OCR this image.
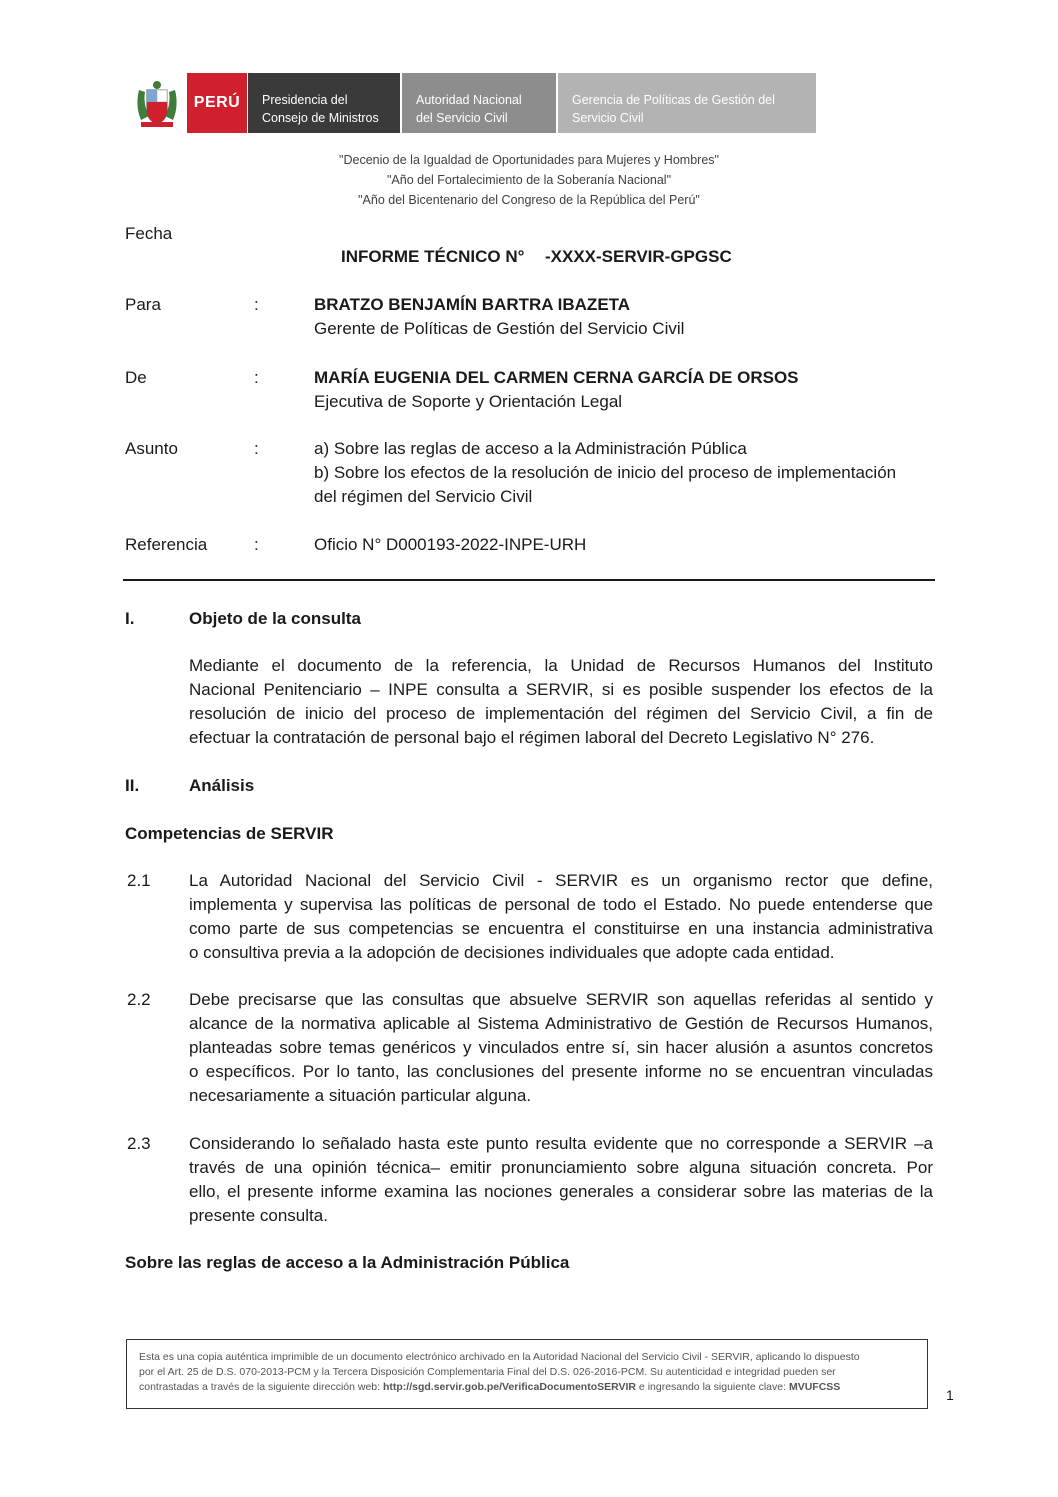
PERÚ Presidencia del
Consejo de Ministros
Autoridad Nacional
del Servicio Civil
Gerencia de Políticas de Gestión del
Servicio Civil
"Decenio de la Igualdad de Oportunidades para Mujeres y Hombres"
"Año del Fortalecimiento de la Soberanía Nacional"
"Año del Bicentenario del Congreso de la República del Perú"
Fecha
INFORME TÉCNICO N° -XXXX-SERVIR-GPGSC
Para	:	BRATZO BENJAMÍN BARTRA IBAZETA
Gerente de Políticas de Gestión del Servicio Civil
De	:	MARÍA EUGENIA DEL CARMEN CERNA GARCÍA DE ORSOS
Ejecutiva de Soporte y Orientación Legal
Asunto	:	a) Sobre las reglas de acceso a la Administración Pública
b) Sobre los efectos de la resolución de inicio del proceso de implementación
del régimen del Servicio Civil
Referencia	:	Oficio N° D000193-2022-INPE-URH
I.	Objeto de la consulta
Mediante el documento de la referencia, la Unidad de Recursos Humanos del Instituto
Nacional Penitenciario – INPE consulta a SERVIR, si es posible suspender los efectos de la
resolución de inicio del proceso de implementación del régimen del Servicio Civil, a fin de
efectuar la contratación de personal bajo el régimen laboral del Decreto Legislativo N° 276.
II.	Análisis
Competencias de SERVIR
2.1 La Autoridad Nacional del Servicio Civil - SERVIR es un organismo rector que define,
implementa y supervisa las políticas de personal de todo el Estado. No puede entenderse que
como parte de sus competencias se encuentra el constituirse en una instancia administrativa
o consultiva previa a la adopción de decisiones individuales que adopte cada entidad.
2.2 Debe precisarse que las consultas que absuelve SERVIR son aquellas referidas al sentido y
alcance de la normativa aplicable al Sistema Administrativo de Gestión de Recursos Humanos,
planteadas sobre temas genéricos y vinculados entre sí, sin hacer alusión a asuntos concretos
o específicos. Por lo tanto, las conclusiones del presente informe no se encuentran vinculadas
necesariamente a situación particular alguna.
2.3 Considerando lo señalado hasta este punto resulta evidente que no corresponde a SERVIR –a
través de una opinión técnica– emitir pronunciamiento sobre alguna situación concreta. Por
ello, el presente informe examina las nociones generales a considerar sobre las materias de la
presente consulta.
Sobre las reglas de acceso a la Administración Pública
Esta es una copia auténtica imprimible de un documento electrónico archivado en la Autoridad Nacional del Servicio Civil - SERVIR, aplicando lo dispuesto
por el Art. 25 de D.S. 070-2013-PCM y la Tercera Disposición Complementaria Final del D.S. 026-2016-PCM. Su autenticidad e integridad pueden ser
contrastadas a través de la siguiente dirección web: http://sgd.servir.gob.pe/VerificaDocumentoSERVIR e ingresando la siguiente clave: MVUFCSS	1
